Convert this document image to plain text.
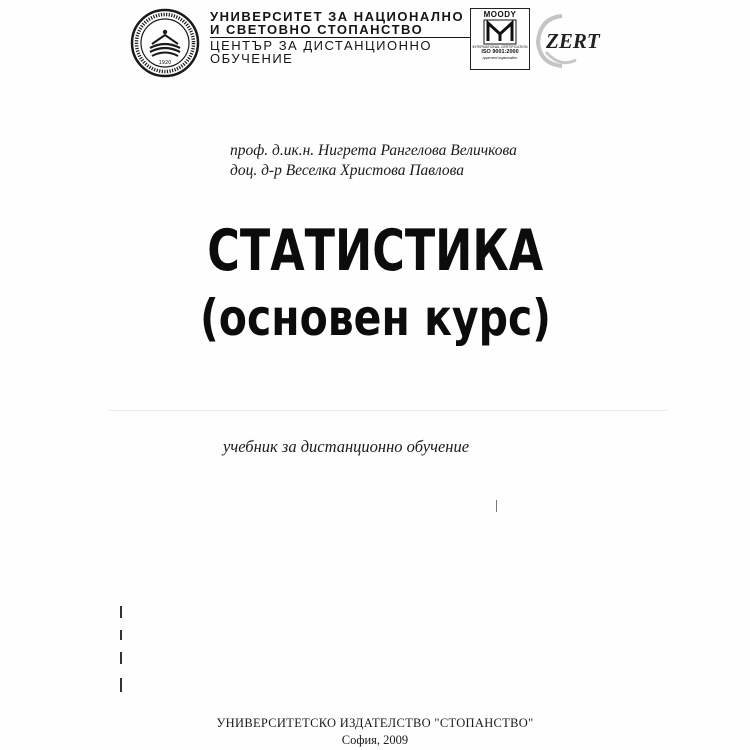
1920
УНИВЕРСИТЕТ ЗА НАЦИОНАЛНО
И СВЕТОВНО СТОПАНСТВО
ЦЕНТЪР ЗА ДИСТАНЦИОННО
ОБУЧЕНИЕ
MOODY
INTERNATIONAL CERTIFICATION
ISO 9001:2000
approved organisation
ZERT
проф. д.ик.н. Нигрета Рангелова Величкова
доц. д-р Веселка Христова Павлова
СТАТИСТИКА
(основен курс)
учебник за дистанционно обучение
УНИВЕРСИТЕТСКО ИЗДАТЕЛСТВО "СТОПАНСТВО"
София, 2009
